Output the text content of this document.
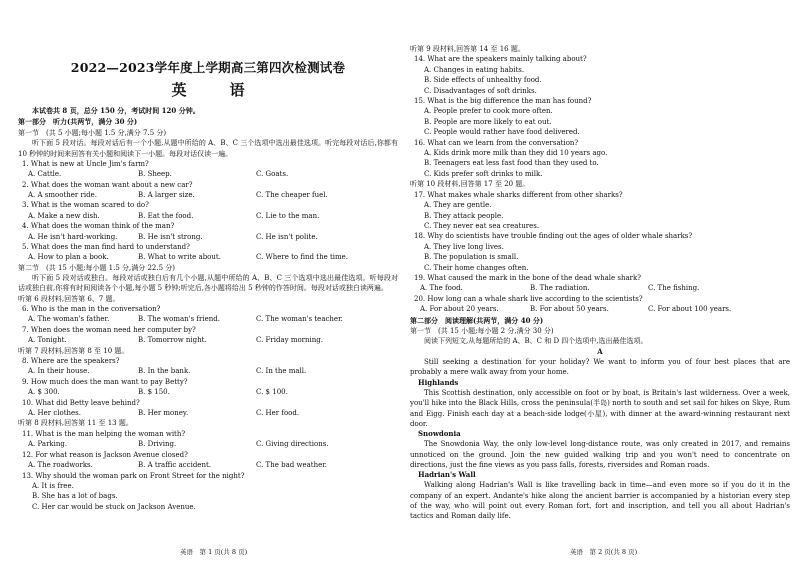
2022—2023学年度上学期高三第四次检测试卷
英　语
本试卷共 8 页，总分 150 分，考试时间 120 分钟。
第一部分　听力(共两节，满分 30 分)
第一节　(共 5 小题;每小题 1.5 分,满分 7.5 分)
听下面 5 段对话。每段对话后有一个小题,从题中所给的 A、B、C 三个选项中选出最佳选项。听完每段对话后,你都有 10 秒钟的时间来回答有关小题和阅读下一小题。每段对话仅读一遍。
1. What is new at Uncle Jim's farm?
A. Cattle.	B. Sheep.	C. Goats.
2. What does the woman want about a new car?
A. A smoother ride.	B. A larger size.	C. The cheaper fuel.
3. What is the woman scared to do?
A. Make a new dish.	B. Eat the food.	C. Lie to the man.
4. What does the woman think of the man?
A. He isn't hard-working.	B. He isn't strong.	C. He isn't polite.
5. What does the man find hard to understand?
A. How to plan a book.	B. What to write about.	C. Where to find the time.
第二节　(共 15 小题;每小题 1.5 分,满分 22.5 分)
听下面 5 段对话或独白。每段对话或独白后有几个小题,从题中所给的 A、B、C 三个选项中选出最佳选项。听每段对话或独白前,你将有时间阅读各个小题,每小题 5 秒钟;听完后,各小题将给出 5 秒钟的作答时间。每段对话或独白读两遍。
听第 6 段材料,回答第 6、7 题。
6. Who is the man in the conversation?
A. The woman's father.	B. The woman's friend.	C. The woman's teacher.
7. When does the woman need her computer by?
A. Tonight.	B. Tomorrow night.	C. Friday morning.
听第 7 段材料,回答第 8 至 10 题。
8. Where are the speakers?
A. In their house.	B. In the bank.	C. In the mall.
9. How much does the man want to pay Betty?
A. $ 300.	B. $ 150.	C. $ 100.
10. What did Betty leave behind?
A. Her clothes.	B. Her money.	C. Her food.
听第 8 段材料,回答第 11 至 13 题。
11. What is the man helping the woman with?
A. Parking.	B. Driving.	C. Giving directions.
12. For what reason is Jackson Avenue closed?
A. The roadworks.	B. A traffic accident.	C. The bad weather.
13. Why should the woman park on Front Street for the night?
A. It is free.
B. She has a lot of bags.
C. Her car would be stuck on Jackson Avenue.
英语　第 1 页(共 8 页)
听第 9 段材料,回答第 14 至 16 题。
14. What are the speakers mainly talking about?
A. Changes in eating habits.
B. Side effects of unhealthy food.
C. Disadvantages of soft drinks.
15. What is the big difference the man has found?
A. People prefer to cook more often.
B. People are more likely to eat out.
C. People would rather have food delivered.
16. What can we learn from the conversation?
A. Kids drink more milk than they did 10 years ago.
B. Teenagers eat less fast food than they used to.
C. Kids prefer soft drinks to milk.
听第 10 段材料,回答第 17 至 20 题。
17. What makes whale sharks different from other sharks?
A. They are gentle.
B. They attack people.
C. They never eat sea creatures.
18. Why do scientists have trouble finding out the ages of older whale sharks?
A. They live long lives.
B. The population is small.
C. Their home changes often.
19. What caused the mark in the bone of the dead whale shark?
A. The food.	B. The radiation.	C. The fishing.
20. How long can a whale shark live according to the scientists?
A. For about 20 years.	B. For about 50 years.	C. For about 100 years.
第二部分　阅读理解(共两节，满分 40 分)
第一节　(共 15 小题;每小题 2 分,满分 30 分)
阅读下列短文,从每题所给的 A、B、C 和 D 四个选项中,选出最佳选项。
A
Still seeking a destination for your holiday? We want to inform you of four best places that are probably a mere walk away from your home.
Highlands
This Scottish destination, only accessible on foot or by boat, is Britain's last wilderness. Over a week, you'll hike into the Black Hills, cross the peninsula(半岛) north to south and set sail for hikes on Skye, Rum and Eigg. Finish each day at a beach-side lodge(小屋), with dinner at the award-winning restaurant next door.
Snowdonia
The Snowdonia Way, the only low-level long-distance route, was only created in 2017, and remains unnoticed on the ground. Join the new guided walking trip and you won't need to concentrate on directions, just the fine views as you pass falls, forests, riversides and Roman roads.
Hadrian's Wall
Walking along Hadrian's Wall is like travelling back in time—and even more so if you do it in the company of an expert. Andante's hike along the ancient barrier is accompanied by a historian every step of the way, who will point out every Roman fort, fort and inscription, and tell you all about Hadrian's tactics and Roman daily life.
英语　第 2 页(共 8 页)
